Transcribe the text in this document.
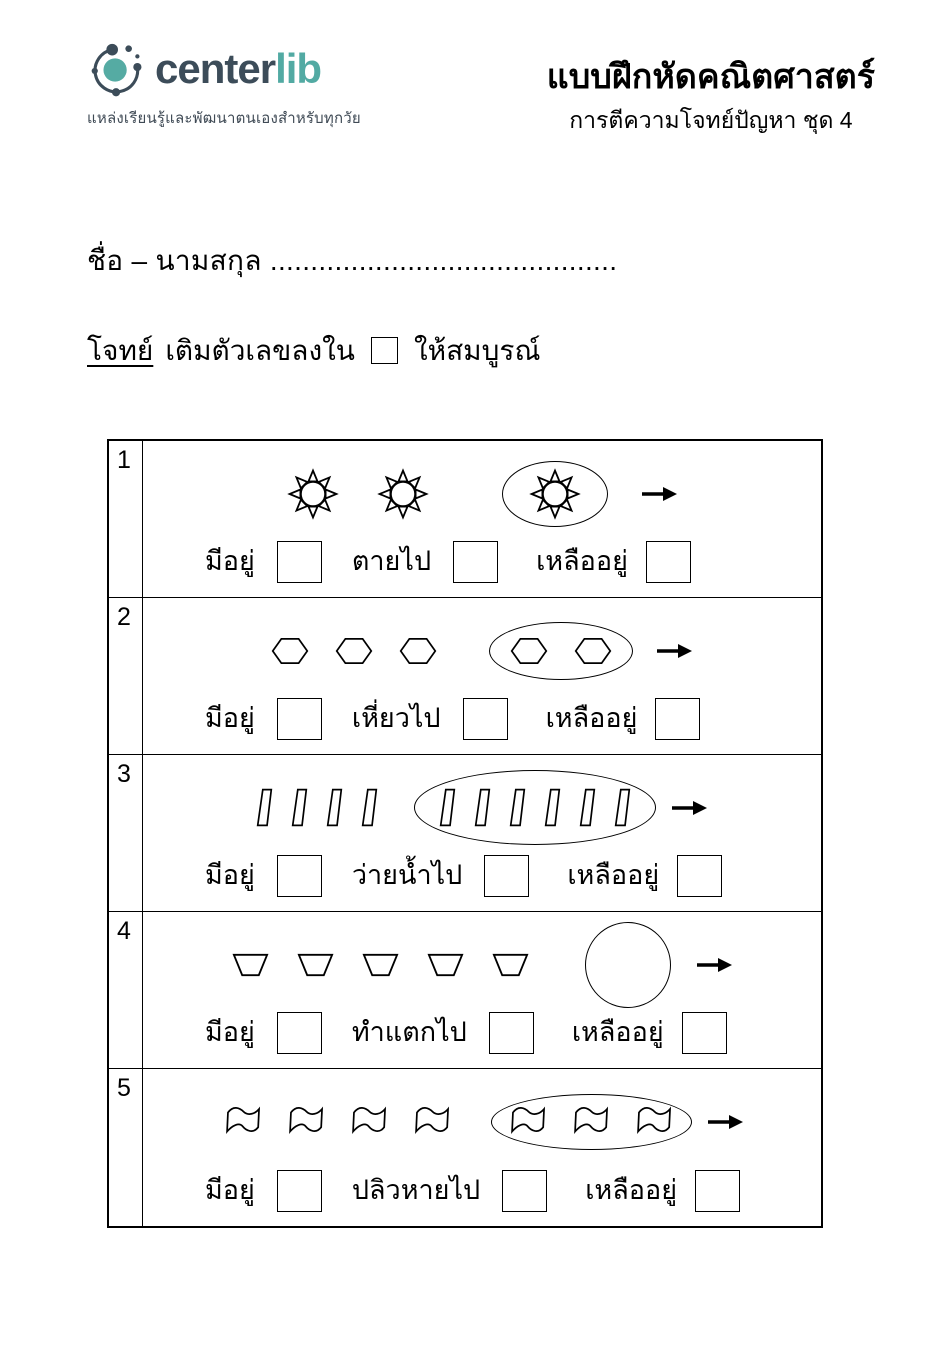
centerlib
แหล่งเรียนรู้และพัฒนาตนเองสำหรับทุกวัย
แบบฝึกหัดคณิตศาสตร์
การตีความโจทย์ปัญหา ชุด 4
ชื่อ – นามสกุล ...........................................
โจทย์ เติมตัวเลขลงใน ให้สมบูรณ์
1
มีอยู่	ตายไป	เหลืออยู่
2
มีอยู่	เหี่ยวไป	เหลืออยู่
3
มีอยู่	ว่ายน้ำไป	เหลืออยู่
4
มีอยู่	ทำแตกไป	เหลืออยู่
5
มีอยู่	ปลิวหายไป	เหลืออยู่
